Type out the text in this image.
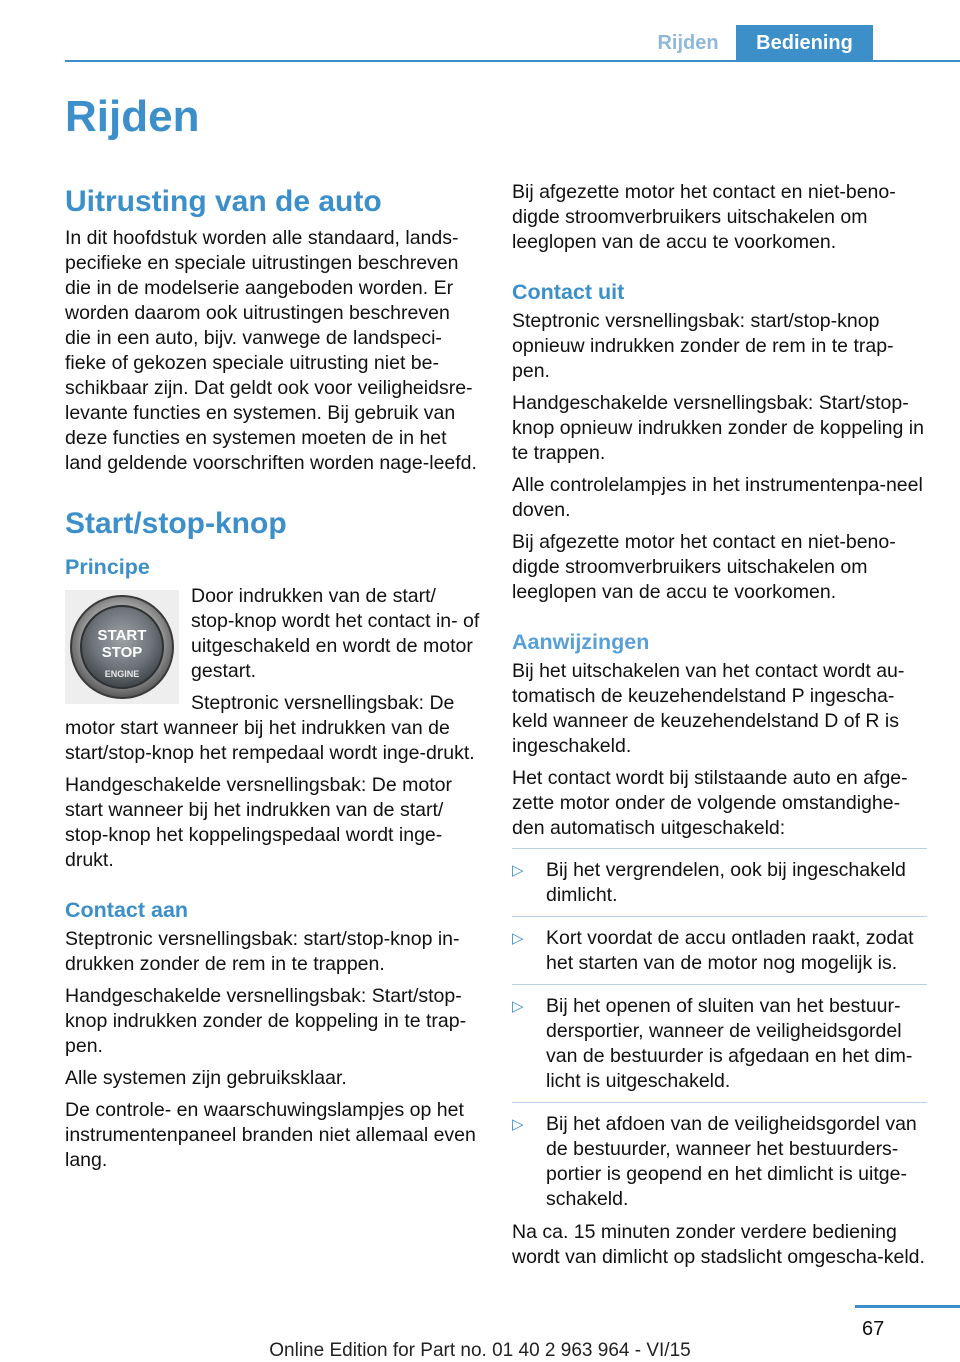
Rijden	Bediening
Rijden
Uitrusting van de auto

In dit hoofdstuk worden alle standaard, lands-pecifieke en speciale uitrustingen beschreven die in de modelserie aangeboden worden. Er worden daarom ook uitrustingen beschreven die in een auto, bijv. vanwege de landspeci-fieke of gekozen speciale uitrusting niet be-schikbaar zijn. Dat geldt ook voor veiligheidsre-levante functies en systemen. Bij gebruik van deze functies en systemen moeten de in het land geldende voorschriften worden nage-leefd.

Start/stop-knop
Principe
START
STOP
ENGINE

Door indrukken van de start/ stop-knop wordt het contact in- of uitgeschakeld en wordt de motor gestart.

Steptronic versnellingsbak: De motor start wanneer bij het indrukken van de start/stop-knop het rempedaal wordt inge-drukt.

Handgeschakelde versnellingsbak: De motor start wanneer bij het indrukken van de start/ stop-knop het koppelingspedaal wordt inge-drukt.

Contact aan

Steptronic versnellingsbak: start/stop-knop in-drukken zonder de rem in te trappen.

Handgeschakelde versnellingsbak: Start/stop-knop indrukken zonder de koppeling in te trap-pen.

Alle systemen zijn gebruiksklaar.

De controle- en waarschuwingslampjes op het instrumentenpaneel branden niet allemaal even lang.

Bij afgezette motor het contact en niet-beno-digde stroomverbruikers uitschakelen om leeglopen van de accu te voorkomen.

Contact uit

Steptronic versnellingsbak: start/stop-knop opnieuw indrukken zonder de rem in te trap-pen.

Handgeschakelde versnellingsbak: Start/stop-knop opnieuw indrukken zonder de koppeling in te trappen.

Alle controlelampjes in het instrumentenpa-neel doven.

Bij afgezette motor het contact en niet-beno-digde stroomverbruikers uitschakelen om leeglopen van de accu te voorkomen.

Aanwijzingen

Bij het uitschakelen van het contact wordt au-tomatisch de keuzehendelstand P ingescha-keld wanneer de keuzehendelstand D of R is ingeschakeld.

Het contact wordt bij stilstaande auto en afge-zette motor onder de volgende omstandighe-den automatisch uitgeschakeld:

▷ Bij het vergrendelen, ook bij ingeschakeld dimlicht.
▷ Kort voordat de accu ontladen raakt, zodat het starten van de motor nog mogelijk is.
▷ Bij het openen of sluiten van het bestuur-dersportier, wanneer de veiligheidsgordel van de bestuurder is afgedaan en het dim-licht is uitgeschakeld.
▷ Bij het afdoen van de veiligheidsgordel van de bestuurder, wanneer het bestuurders-portier is geopend en het dimlicht is uitge-schakeld.

Na ca. 15 minuten zonder verdere bediening wordt van dimlicht op stadslicht omgescha-keld.

67
Online Edition for Part no. 01 40 2 963 964 - VI/15
